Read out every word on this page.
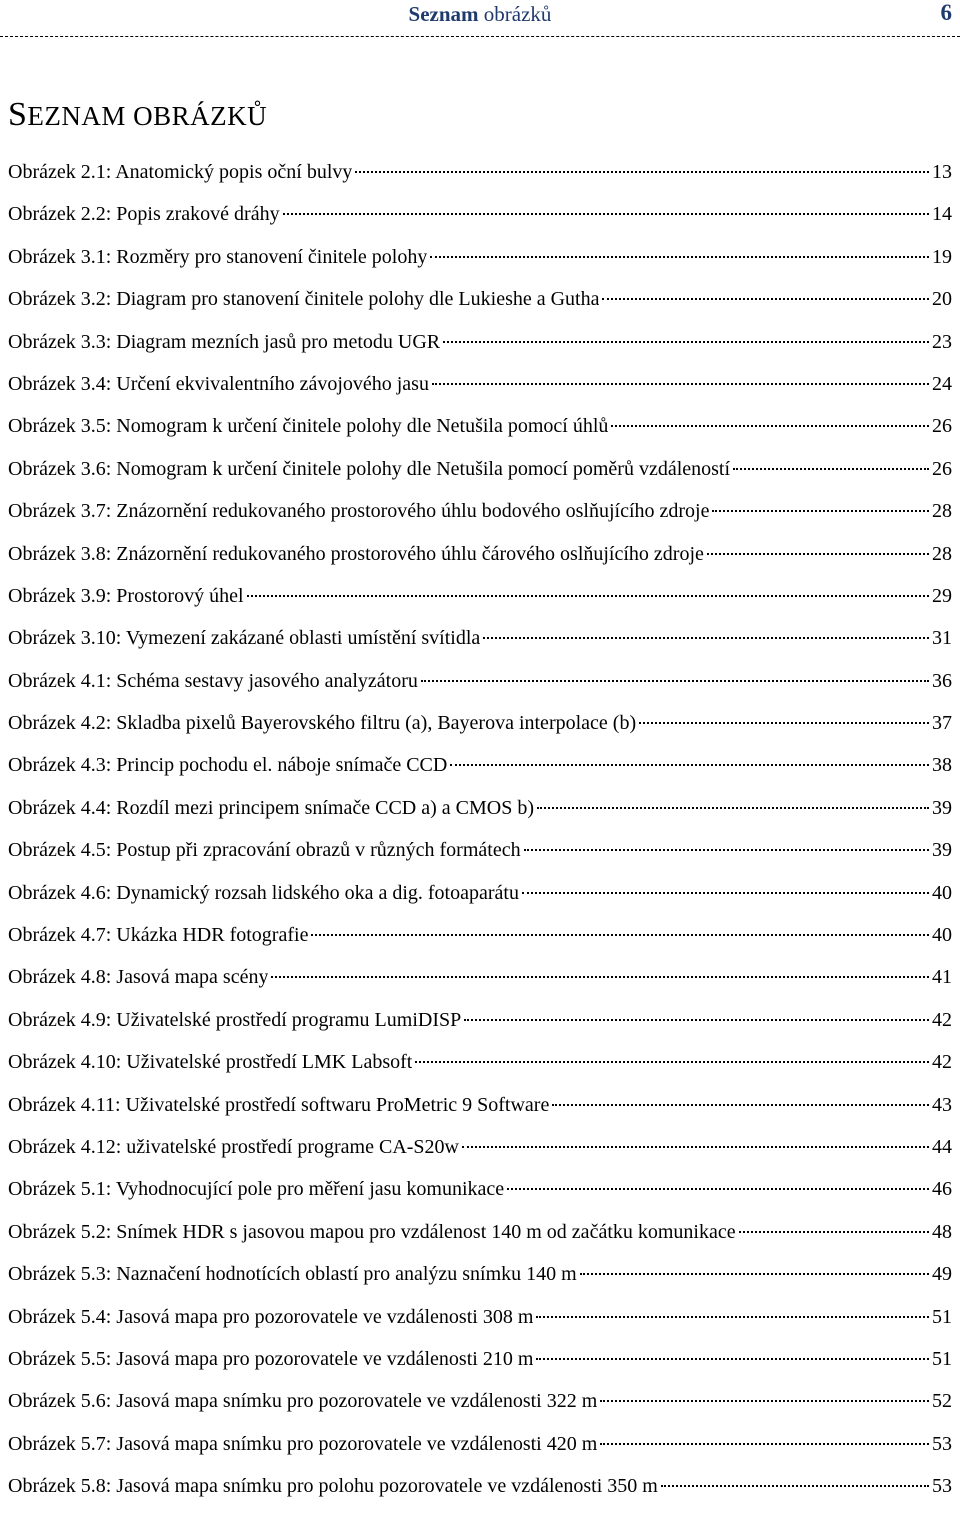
Seznam obrázků	6
SEZNAM OBRÁZKŮ
Obrázek 2.1: Anatomický popis oční bulvy	13
Obrázek 2.2: Popis zrakové dráhy	14
Obrázek 3.1: Rozměry pro stanovení činitele polohy	19
Obrázek 3.2: Diagram pro stanovení činitele polohy dle Lukieshe a Gutha	20
Obrázek 3.3: Diagram mezních jasů pro metodu UGR	23
Obrázek 3.4: Určení ekvivalentního závojového jasu	24
Obrázek 3.5: Nomogram k určení činitele polohy dle Netušila pomocí úhlů	26
Obrázek 3.6: Nomogram k určení činitele polohy dle Netušila pomocí poměrů vzdáleností	26
Obrázek 3.7: Znázornění redukovaného prostorového úhlu bodového oslňujícího zdroje	28
Obrázek 3.8: Znázornění redukovaného prostorového úhlu čárového oslňujícího zdroje	28
Obrázek 3.9: Prostorový úhel	29
Obrázek 3.10: Vymezení zakázané oblasti umístění svítidla	31
Obrázek 4.1: Schéma sestavy jasového analyzátoru	36
Obrázek 4.2: Skladba pixelů Bayerovského filtru (a), Bayerova interpolace (b)	37
Obrázek 4.3: Princip pochodu el. náboje snímače CCD	38
Obrázek 4.4: Rozdíl mezi principem snímače CCD a) a CMOS b)	39
Obrázek 4.5: Postup při zpracování obrazů v různých formátech	39
Obrázek 4.6: Dynamický rozsah lidského oka a dig. fotoaparátu	40
Obrázek 4.7: Ukázka HDR fotografie	40
Obrázek 4.8: Jasová mapa scény	41
Obrázek 4.9: Uživatelské prostředí programu LumiDISP	42
Obrázek 4.10: Uživatelské prostředí LMK Labsoft	42
Obrázek 4.11: Uživatelské prostředí softwaru ProMetric 9 Software	43
Obrázek 4.12: uživatelské prostředí programe CA-S20w	44
Obrázek 5.1: Vyhodnocující pole pro měření jasu komunikace	46
Obrázek 5.2: Snímek HDR s jasovou mapou pro vzdálenost 140 m od začátku komunikace	48
Obrázek 5.3: Naznačení hodnotících oblastí pro analýzu snímku 140 m	49
Obrázek 5.4: Jasová mapa pro pozorovatele ve vzdálenosti 308 m	51
Obrázek 5.5: Jasová mapa pro pozorovatele ve vzdálenosti 210 m	51
Obrázek 5.6: Jasová mapa snímku pro pozorovatele ve vzdálenosti 322 m	52
Obrázek 5.7: Jasová mapa snímku pro pozorovatele ve vzdálenosti 420 m	53
Obrázek 5.8: Jasová mapa snímku pro polohu pozorovatele ve vzdálenosti 350 m	53
